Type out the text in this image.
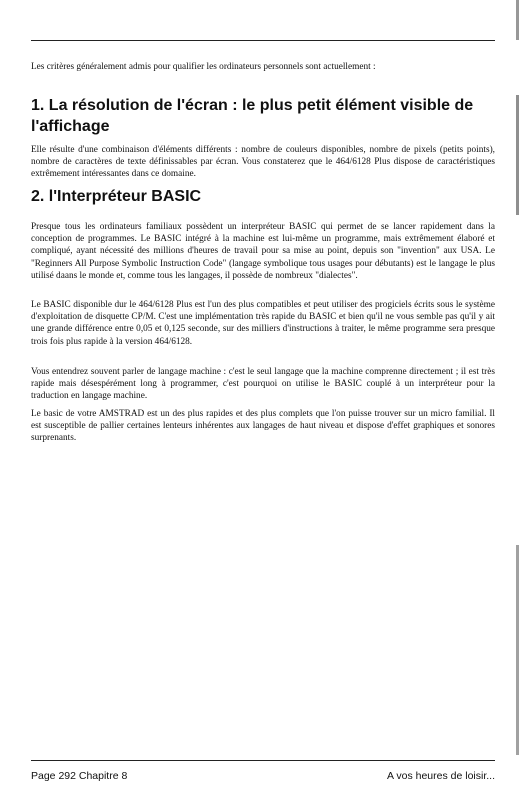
Les critères généralement admis pour qualifier les ordinateurs personnels sont actuellement :
1. La résolution de l'écran : le plus petit élément visible de l'affichage

Elle résulte d'une combinaison d'éléments différents : nombre de couleurs disponibles, nombre de pixels (petits points), nombre de caractères de texte définissables par écran. Vous constaterez que le 464/6128 Plus dispose de caractéristiques extrêmement intéressantes dans ce domaine.

2. l'Interpréteur BASIC

Presque tous les ordinateurs familiaux possèdent un interpréteur BASIC qui permet de se lancer rapidement dans la conception de programmes. Le BASIC intégré à la machine est lui-même un programme, mais extrêmement élaboré et compliqué, ayant nécessité des millions d'heures de travail pour sa mise au point, depuis son "invention" aux USA. Le "Reginners All Purpose Symbolic Instruction Code" (langage symbolique tous usages pour débutants) est le langage le plus utilisé daans le monde et, comme tous les langages, il possède de nombreux "dialectes".

Le BASIC disponible dur le 464/6128 Plus est l'un des plus compatibles et peut utiliser des progiciels écrits sous le système d'exploitation de disquette CP/M. C'est une implémentation très rapide du BASIC et bien qu'il ne vous semble pas qu'il y ait une grande différence entre 0,05 et 0,125 seconde, sur des milliers d'instructions à traiter, le même programme sera presque trois fois plus rapide à la version 464/6128.

Vous entendrez souvent parler de langage machine : c'est le seul langage que la machine comprenne directement ; il est très rapide mais désespérément long à programmer, c'est pourquoi on utilise le BASIC couplé à un interpréteur pour la traduction en langage machine.

Le basic de votre AMSTRAD est un des plus rapides et des plus complets que l'on puisse trouver sur un micro familial. Il est susceptible de pallier certaines lenteurs inhérentes aux langages de haut niveau et dispose d'effet graphiques et sonores surprenants.

Page 292 Chapitre 8	A vos heures de loisir...
